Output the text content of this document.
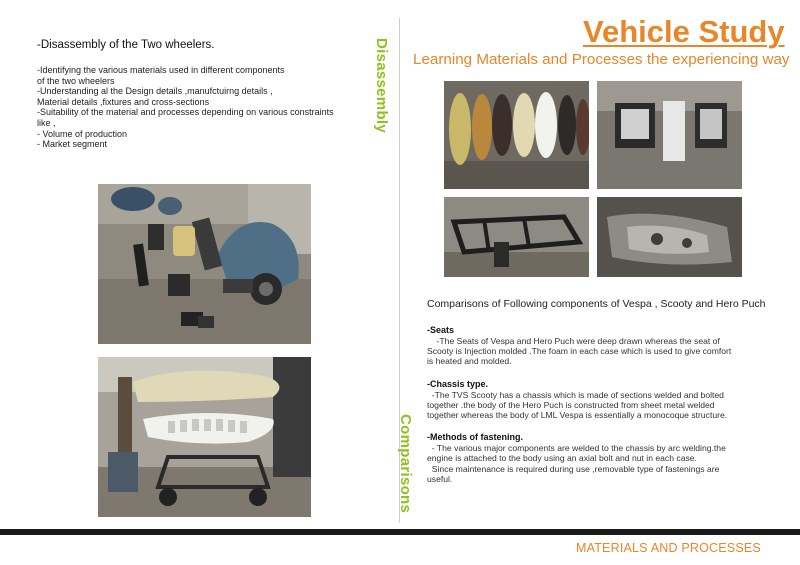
-Disassembly of the Two wheelers.
-Identifying the various materials used in different components
of the two wheelers
-Understanding al the Design details ,manufctuirng details ,
Material details ,fixtures and cross-sections
-Suitability of the material and processes depending on various constraints
like ,
- Volume of production
- Market segment
Disassembly
Comparisons
Vehicle Study
Learning Materials and Processes the experiencing way
Comparisons of Following components of Vespa , Scooty and Hero Puch
-Seats
-The Seats of Vespa and Hero Puch were deep drawn whereas the seat of
Scooty is Injection molded .The foam in each case which is used to give comfort
is heated and molded.
-Chassis type.
-The TVS Scooty has a chassis which is made of sections welded and bolted
together .the body of the Hero Puch is constructed from sheet metal welded
together whereas the body of LML Vespa is essentially a monocoque structure.
-Methods of fastening.
- The various major components are welded to the chassis by arc welding.the
engine is attached to the body using an axial bolt and nut in each case.
Since maintenance is required during use ,removable type of fastenings are
useful.
MATERIALS AND PROCESSES
